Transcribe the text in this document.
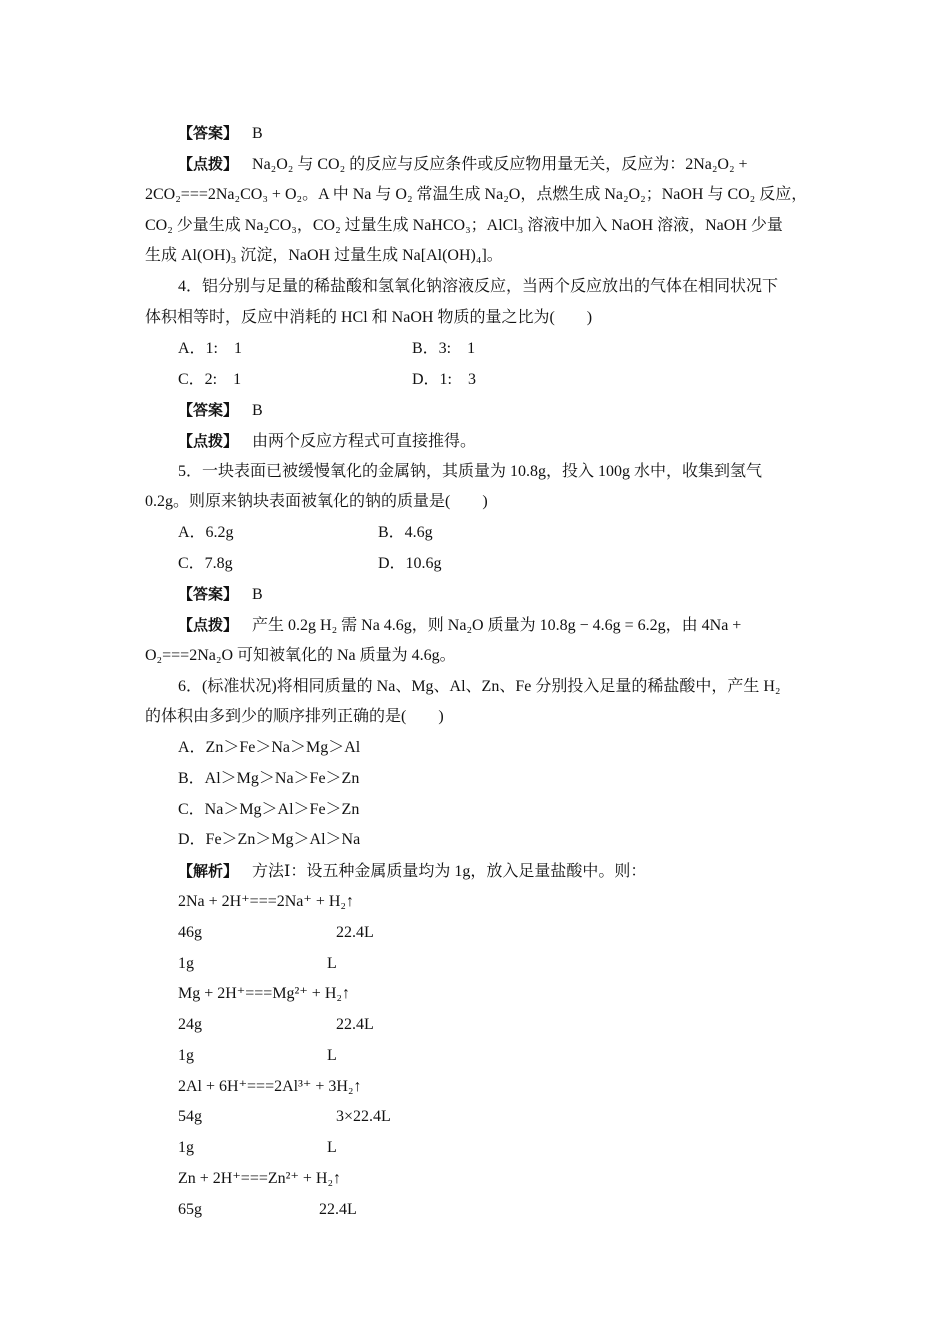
【答案】 B
【点拨】 Na₂O₂ 与 CO₂ 的反应与反应条件或反应物用量无关，反应为：2Na₂O₂ +
2CO₂===2Na₂CO₃ + O₂。A 中 Na 与 O₂ 常温生成 Na₂O，点燃生成 Na₂O₂；NaOH 与 CO₂ 反应，
CO₂ 少量生成 Na₂CO₃，CO₂ 过量生成 NaHCO₃；AlCl₃ 溶液中加入 NaOH 溶液，NaOH 少量
生成 Al(OH)₃ 沉淀，NaOH 过量生成 Na[Al(OH)₄]。
4．铝分别与足量的稀盐酸和氢氧化钠溶液反应，当两个反应放出的气体在相同状况下
体积相等时，反应中消耗的 HCl 和 NaOH 物质的量之比为(　　)
A．1:　1	B．3:　1
C．2:　1	D．1:　3
【答案】 B
【点拨】 由两个反应方程式可直接推得。
5．一块表面已被缓慢氧化的金属钠，其质量为 10.8g，投入 100g 水中，收集到氢气
0.2g。则原来钠块表面被氧化的钠的质量是(　　)
A．6.2g	B．4.6g
C．7.8g	D．10.6g
【答案】 B
【点拨】 产生 0.2g H₂ 需 Na 4.6g，则 Na₂O 质量为 10.8g − 4.6g = 6.2g，由 4Na +
O₂===2Na₂O 可知被氧化的 Na 质量为 4.6g。
6．(标准状况)将相同质量的 Na、Mg、Al、Zn、Fe 分别投入足量的稀盐酸中，产生 H₂
的体积由多到少的顺序排列正确的是(　　)
A．Zn＞Fe＞Na＞Mg＞Al
B．Al＞Mg＞Na＞Fe＞Zn
C．Na＞Mg＞Al＞Fe＞Zn
D．Fe＞Zn＞Mg＞Al＞Na
【解析】 方法Ⅰ：设五种金属质量均为 1g，放入足量盐酸中。则：
2Na + 2H⁺===2Na⁺ + H₂↑
46g	22.4L
1g	L
Mg + 2H⁺===Mg²⁺ + H₂↑
24g	22.4L
1g	L
2Al + 6H⁺===2Al³⁺ + 3H₂↑
54g	3×22.4L
1g	L
Zn + 2H⁺===Zn²⁺ + H₂↑
65g	22.4L
